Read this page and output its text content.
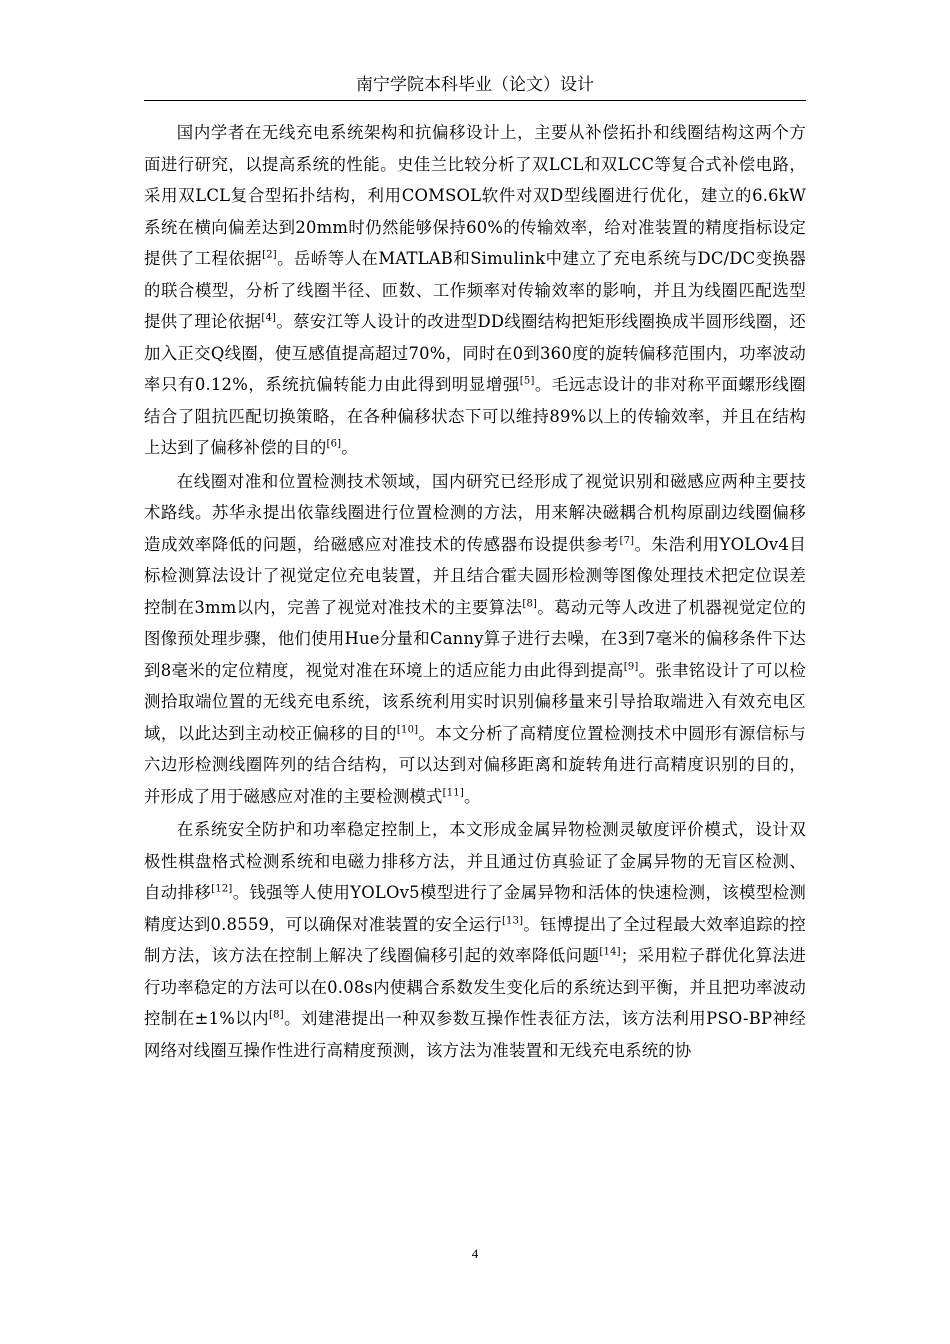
南宁学院本科毕业（论文）设计

国内学者在无线充电系统架构和抗偏移设计上，主要从补偿拓扑和线圈结构这两个方面进行研究，以提高系统的性能。史佳兰比较分析了双LCL和双LCC等复合式补偿电路，采用双LCL复合型拓扑结构，利用COMSOL软件对双D型线圈进行优化，建立的6.6kW系统在横向偏差达到20mm时仍然能够保持60%的传输效率，给对准装置的精度指标设定提供了工程依据[2]。岳峤等人在MATLAB和Simulink中建立了充电系统与DC/DC变换器的联合模型，分析了线圈半径、匝数、工作频率对传输效率的影响，并且为线圈匹配选型提供了理论依据[4]。蔡安江等人设计的改进型DD线圈结构把矩形线圈换成半圆形线圈，还加入正交Q线圈，使互感值提高超过70%，同时在0到360度的旋转偏移范围内，功率波动率只有0.12%，系统抗偏转能力由此得到明显增强[5]。毛远志设计的非对称平面螺形线圈结合了阻抗匹配切换策略，在各种偏移状态下可以维持89%以上的传输效率，并且在结构上达到了偏移补偿的目的[6]。

在线圈对准和位置检测技术领域，国内研究已经形成了视觉识别和磁感应两种主要技术路线。苏华永提出依靠线圈进行位置检测的方法，用来解决磁耦合机构原副边线圈偏移造成效率降低的问题，给磁感应对准技术的传感器布设提供参考[7]。朱浩利用YOLOv4目标检测算法设计了视觉定位充电装置，并且结合霍夫圆形检测等图像处理技术把定位误差控制在3mm以内，完善了视觉对准技术的主要算法[8]。葛动元等人改进了机器视觉定位的图像预处理步骤，他们使用Hue分量和Canny算子进行去噪，在3到7毫米的偏移条件下达到8毫米的定位精度，视觉对准在环境上的适应能力由此得到提高[9]。张聿铭设计了可以检测拾取端位置的无线充电系统，该系统利用实时识别偏移量来引导拾取端进入有效充电区域，以此达到主动校正偏移的目的[10]。本文分析了高精度位置检测技术中圆形有源信标与六边形检测线圈阵列的结合结构，可以达到对偏移距离和旋转角进行高精度识别的目的，并形成了用于磁感应对准的主要检测模式[11]。

在系统安全防护和功率稳定控制上，本文形成金属异物检测灵敏度评价模式，设计双极性棋盘格式检测系统和电磁力排移方法，并且通过仿真验证了金属异物的无盲区检测、自动排移[12]。钱强等人使用YOLOv5模型进行了金属异物和活体的快速检测，该模型检测精度达到0.8559，可以确保对准装置的安全运行[13]。钰博提出了全过程最大效率追踪的控制方法，该方法在控制上解决了线圈偏移引起的效率降低问题[14]；采用粒子群优化算法进行功率稳定的方法可以在0.08s内使耦合系数发生变化后的系统达到平衡，并且把功率波动控制在±1%以内[8]。刘建港提出一种双参数互操作性表征方法，该方法利用PSO-BP神经网络对线圈互操作性进行高精度预测，该方法为准装置和无线充电系统的协

4
